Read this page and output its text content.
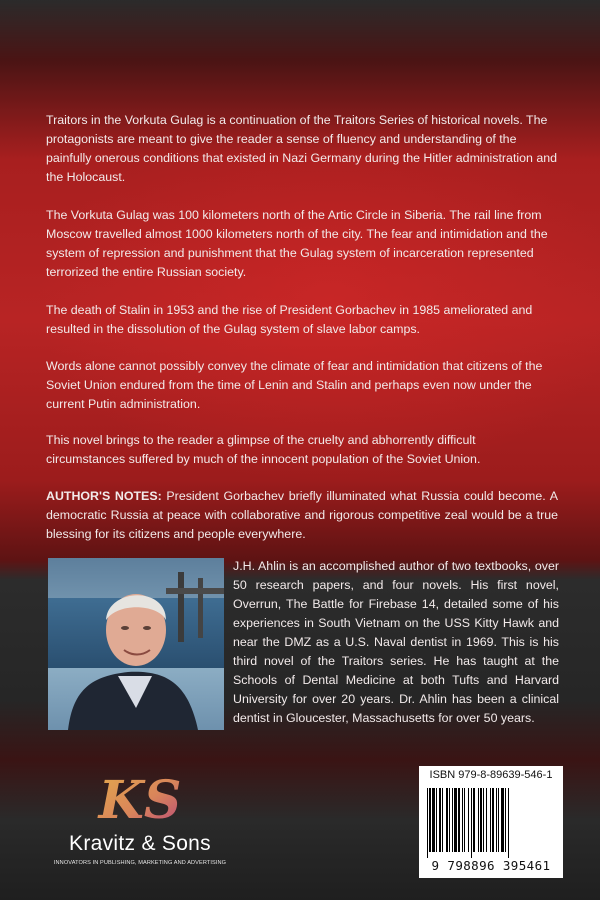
Traitors in the Vorkuta Gulag is a continuation of the Traitors Series of historical novels. The protagonists are meant to give the reader a sense of fluency and understanding of the painfully onerous conditions that existed in Nazi Germany during the Hitler administration and the Holocaust.

The Vorkuta Gulag was 100 kilometers north of the Artic Circle in Siberia. The rail line from Moscow travelled almost 1000 kilometers north of the city. The fear and intimidation and the system of repression and punishment that the Gulag system of incarceration represented terrorized the entire Russian society.

The death of Stalin in 1953 and the rise of President Gorbachev in 1985 ameliorated and resulted in the dissolution of the Gulag system of slave labor camps.

Words alone cannot possibly convey the climate of fear and intimidation that citizens of the Soviet Union endured from the time of Lenin and Stalin and perhaps even now under the current Putin administration.

This novel brings to the reader a glimpse of the cruelty and abhorrently difficult circumstances suffered by much of the innocent population of the Soviet Union.

AUTHOR'S NOTES: President Gorbachev briefly illuminated what Russia could become. A democratic Russia at peace with collaborative and rigorous competitive zeal would be a true blessing for its citizens and people everywhere.

J.H. Ahlin is an accomplished author of two textbooks, over 50 research papers, and four novels. His first novel, Overrun, The Battle for Firebase 14, detailed some of his experiences in South Vietnam on the USS Kitty Hawk and near the DMZ as a U.S. Naval dentist in 1969. This is his third novel of the Traitors series. He has taught at the Schools of Dental Medicine at both Tufts and Harvard University for over 20 years. Dr. Ahlin has been a clinical dentist in Gloucester, Massachusetts for over 50 years.

KS
Kravitz & Sons
INNOVATORS IN PUBLISHING, MARKETING AND ADVERTISING
ISBN 979-8-89639-546-1
9 798896 395461
